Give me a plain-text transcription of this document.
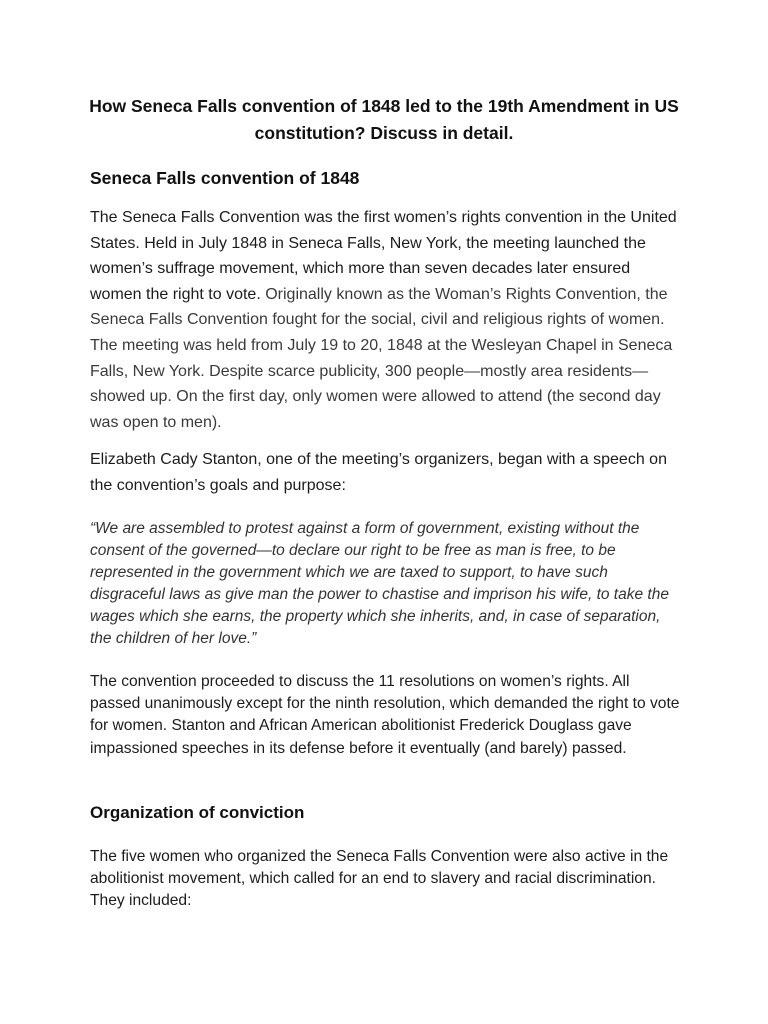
How Seneca Falls convention of 1848 led to the 19th Amendment in US constitution? Discuss in detail.
Seneca Falls convention of 1848
The Seneca Falls Convention was the first women’s rights convention in the United States. Held in July 1848 in Seneca Falls, New York, the meeting launched the women’s suffrage movement, which more than seven decades later ensured women the right to vote. Originally known as the Woman’s Rights Convention, the Seneca Falls Convention fought for the social, civil and religious rights of women. The meeting was held from July 19 to 20, 1848 at the Wesleyan Chapel in Seneca Falls, New York. Despite scarce publicity, 300 people—mostly area residents—showed up. On the first day, only women were allowed to attend (the second day was open to men).
Elizabeth Cady Stanton, one of the meeting’s organizers, began with a speech on the convention’s goals and purpose:
“We are assembled to protest against a form of government, existing without the consent of the governed—to declare our right to be free as man is free, to be represented in the government which we are taxed to support, to have such disgraceful laws as give man the power to chastise and imprison his wife, to take the wages which she earns, the property which she inherits, and, in case of separation, the children of her love.”
The convention proceeded to discuss the 11 resolutions on women’s rights. All passed unanimously except for the ninth resolution, which demanded the right to vote for women. Stanton and African American abolitionist Frederick Douglass gave impassioned speeches in its defense before it eventually (and barely) passed.
Organization of conviction
The five women who organized the Seneca Falls Convention were also active in the abolitionist movement, which called for an end to slavery and racial discrimination. They included:
